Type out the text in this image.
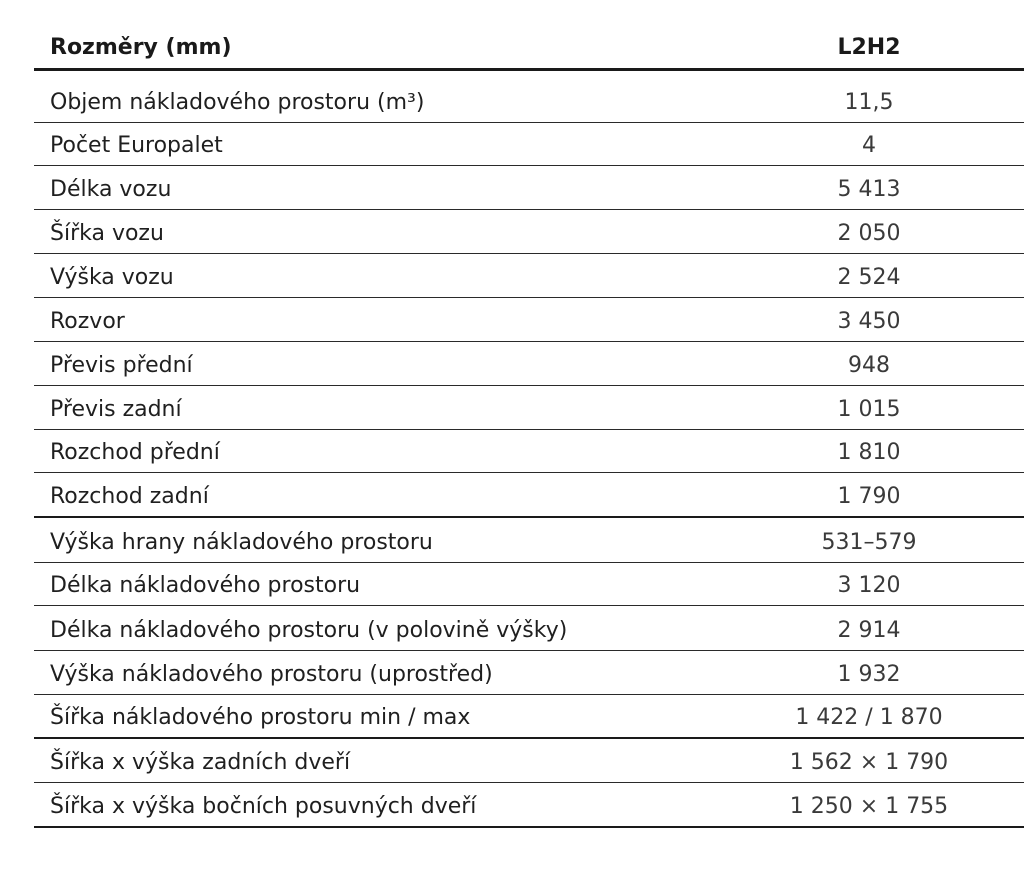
Rozměry (mm)	L2H2
Objem nákladového prostoru (m³)	11,5
Počet Europalet	4
Délka vozu	5 413
Šířka vozu	2 050
Výška vozu	2 524
Rozvor	3 450
Převis přední	948
Převis zadní	1 015
Rozchod přední	1 810
Rozchod zadní	1 790
Výška hrany nákladového prostoru	531–579
Délka nákladového prostoru	3 120
Délka nákladového prostoru (v polovině výšky)	2 914
Výška nákladového prostoru (uprostřed)	1 932
Šířka nákladového prostoru min / max	1 422 / 1 870
Šířka x výška zadních dveří	1 562 × 1 790
Šířka x výška bočních posuvných dveří	1 250 × 1 755
